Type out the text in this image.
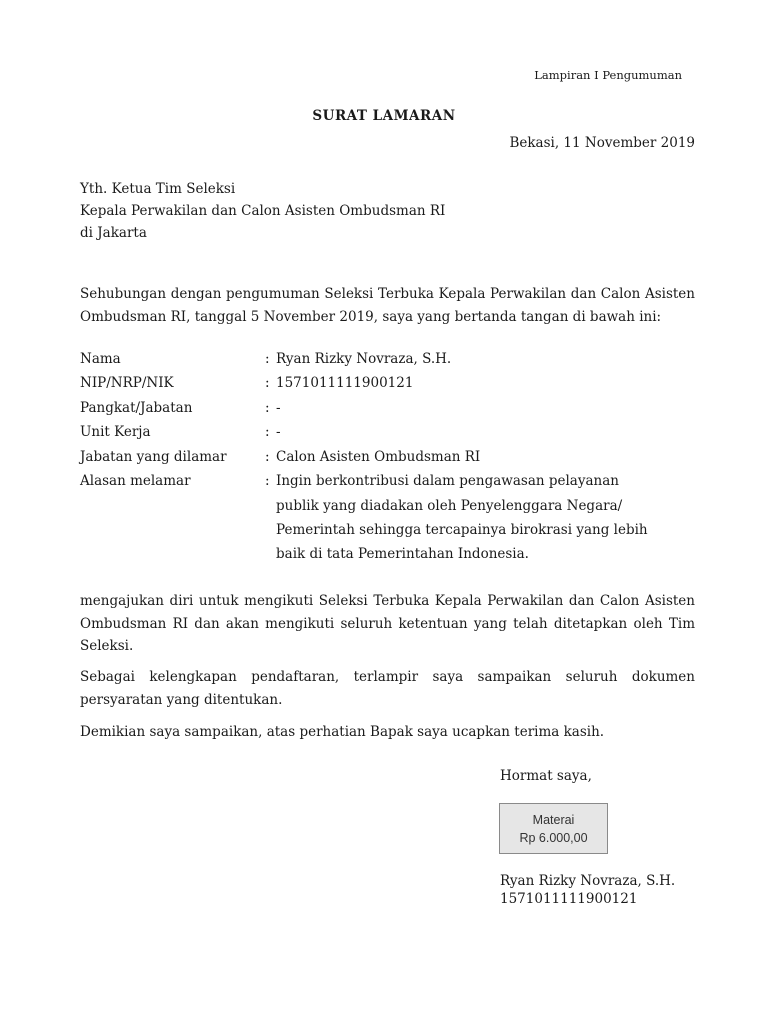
Lampiran I Pengumuman
SURAT LAMARAN
Bekasi, 11 November 2019
Yth. Ketua Tim Seleksi
Kepala Perwakilan dan Calon Asisten Ombudsman RI
di Jakarta
Sehubungan dengan pengumuman Seleksi Terbuka Kepala Perwakilan dan Calon Asisten Ombudsman RI, tanggal 5 November 2019, saya yang bertanda tangan di bawah ini:
Nama	: Ryan Rizky Novraza, S.H.
NIP/NRP/NIK	: 1571011111900121
Pangkat/Jabatan	: -
Unit Kerja	: -
Jabatan yang dilamar	: Calon Asisten Ombudsman RI
Alasan melamar	: Ingin berkontribusi dalam pengawasan pelayanan
publik yang diadakan oleh Penyelenggara Negara/
Pemerintah sehingga tercapainya birokrasi yang lebih
baik di tata Pemerintahan Indonesia.
mengajukan diri untuk mengikuti Seleksi Terbuka Kepala Perwakilan dan Calon Asisten Ombudsman RI dan akan mengikuti seluruh ketentuan yang telah ditetapkan oleh Tim Seleksi.
Sebagai kelengkapan pendaftaran, terlampir saya sampaikan seluruh dokumen persyaratan yang ditentukan.
Demikian saya sampaikan, atas perhatian Bapak saya ucapkan terima kasih.
Hormat saya,
Materai
Rp 6.000,00
Ryan Rizky Novraza, S.H.
1571011111900121
